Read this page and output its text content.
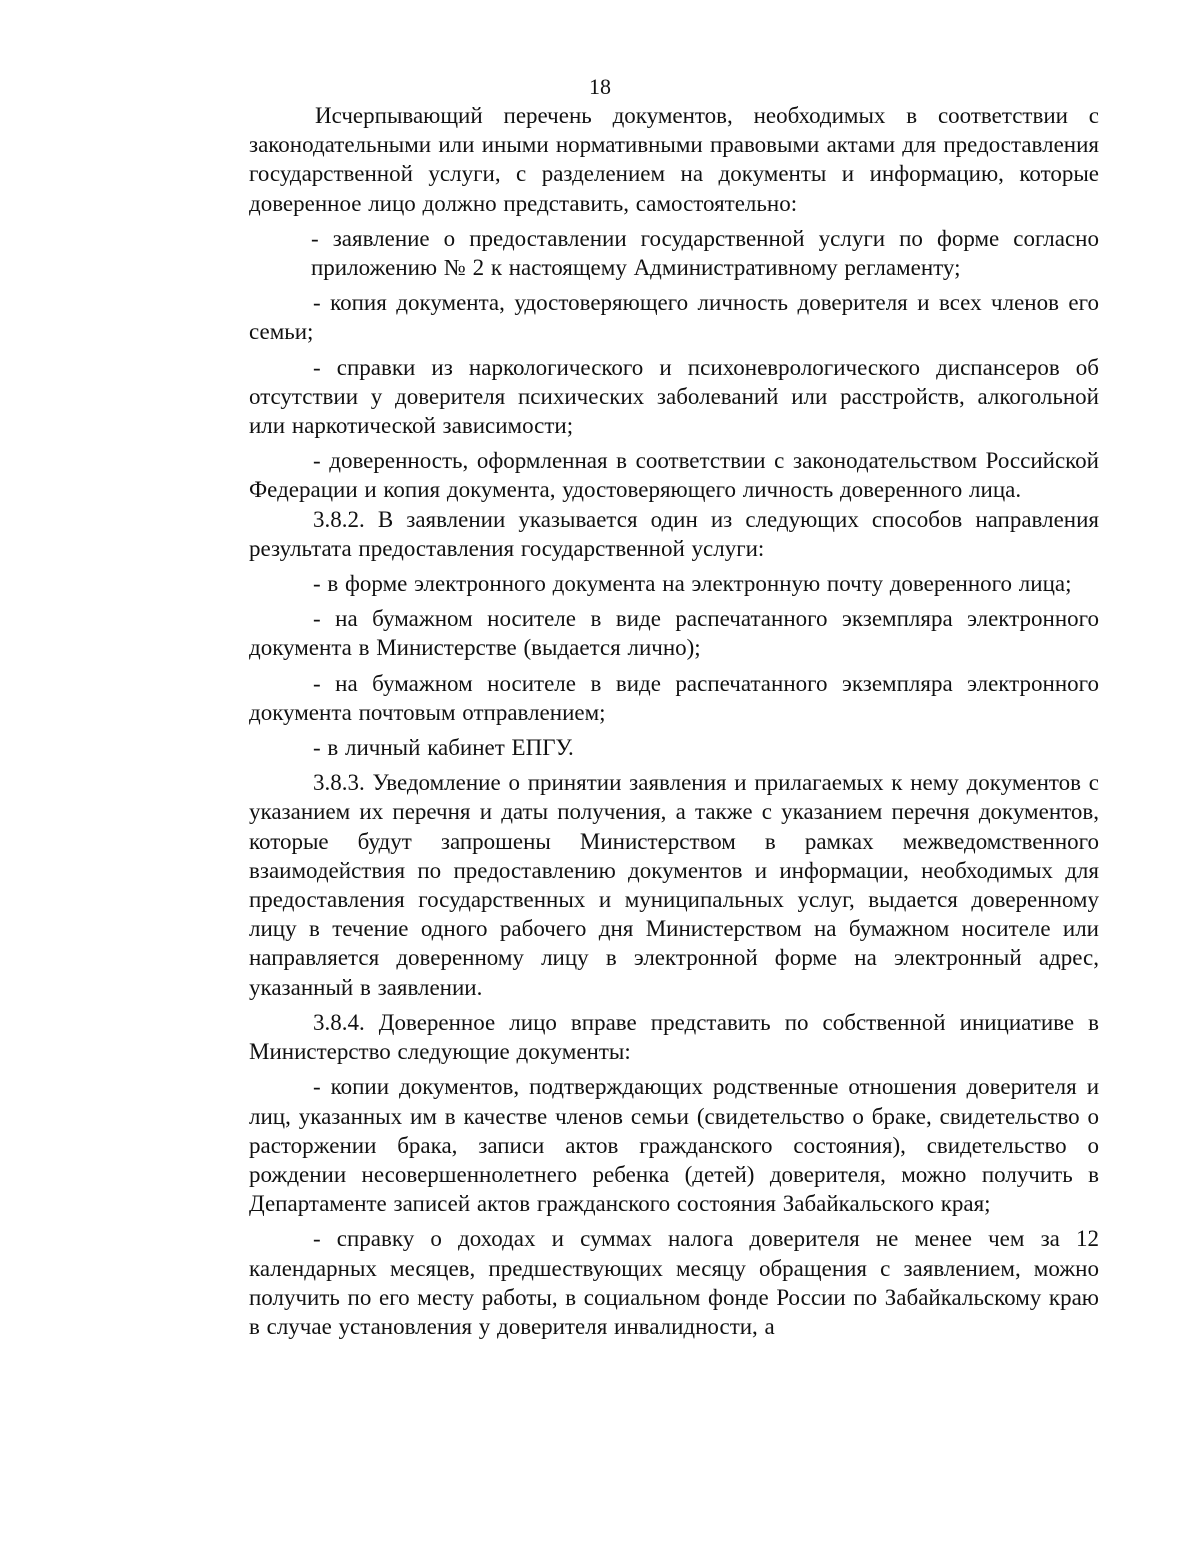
18

Исчерпывающий перечень документов, необходимых в соответствии с законодательными или иными нормативными правовыми актами для предоставления государственной услуги, с разделением на документы и информацию, которые доверенное лицо должно представить, самостоятельно:

- заявление о предоставлении государственной услуги по форме согласно приложению № 2 к настоящему Административному регламенту;

- копия документа, удостоверяющего личность доверителя и всех членов его семьи;

- справки из наркологического и психоневрологического диспансеров об отсутствии у доверителя психических заболеваний или расстройств, алкогольной или наркотической зависимости;

- доверенность, оформленная в соответствии с законодательством Российской Федерации и копия документа, удостоверяющего личность доверенного лица.

3.8.2. В заявлении указывается один из следующих способов направления результата предоставления государственной услуги:

- в форме электронного документа на электронную почту доверенного лица;

- на бумажном носителе в виде распечатанного экземпляра электронного документа в Министерстве (выдается лично);

- на бумажном носителе в виде распечатанного экземпляра электронного документа почтовым отправлением;

- в личный кабинет ЕПГУ.

3.8.3. Уведомление о принятии заявления и прилагаемых к нему документов с указанием их перечня и даты получения, а также с указанием перечня документов, которые будут запрошены Министерством в рамках межведомственного взаимодействия по предоставлению документов и информации, необходимых для предоставления государственных и муниципальных услуг, выдается доверенному лицу в течение одного рабочего дня Министерством на бумажном носителе или направляется доверенному лицу в электронной форме на электронный адрес, указанный в заявлении.

3.8.4. Доверенное лицо вправе представить по собственной инициативе в Министерство следующие документы:

- копии документов, подтверждающих родственные отношения доверителя и лиц, указанных им в качестве членов семьи (свидетельство о браке, свидетельство о расторжении брака, записи актов гражданского состояния), свидетельство о рождении несовершеннолетнего ребенка (детей) доверителя, можно получить в Департаменте записей актов гражданского состояния Забайкальского края;

- справку о доходах и суммах налога доверителя не менее чем за 12 календарных месяцев, предшествующих месяцу обращения с заявлением, можно получить по его месту работы, в социальном фонде России по Забайкальскому краю в случае установления у доверителя инвалидности, а
